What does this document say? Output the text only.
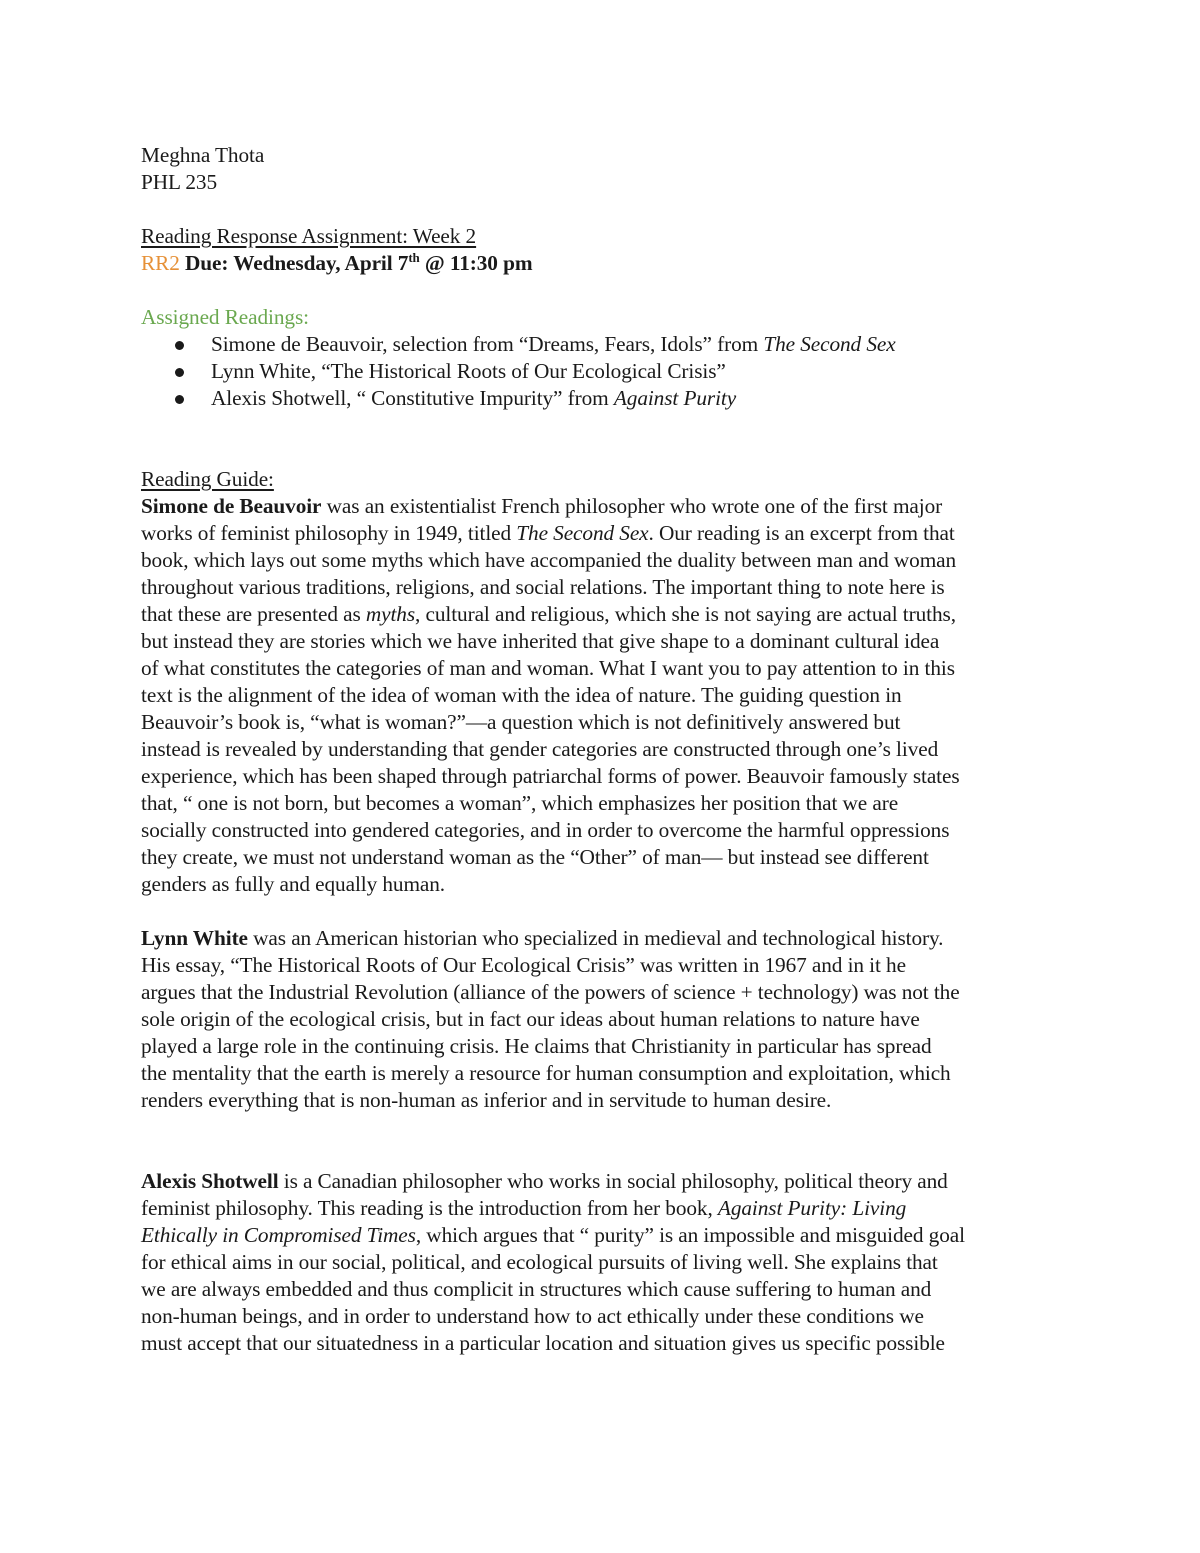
Meghna Thota
PHL 235
Reading Response Assignment: Week 2
RR2 Due: Wednesday, April 7th @ 11:30 pm
Assigned Readings:
Simone de Beauvoir, selection from “Dreams, Fears, Idols” from The Second Sex
Lynn White, “The Historical Roots of Our Ecological Crisis”
Alexis Shotwell, “ Constitutive Impurity” from Against Purity
Reading Guide:
Simone de Beauvoir was an existentialist French philosopher who wrote one of the first major
works of feminist philosophy in 1949, titled The Second Sex. Our reading is an excerpt from that
book, which lays out some myths which have accompanied the duality between man and woman
throughout various traditions, religions, and social relations. The important thing to note here is
that these are presented as myths, cultural and religious, which she is not saying are actual truths,
but instead they are stories which we have inherited that give shape to a dominant cultural idea
of what constitutes the categories of man and woman. What I want you to pay attention to in this
text is the alignment of the idea of woman with the idea of nature. The guiding question in
Beauvoir’s book is, “what is woman?”—a question which is not definitively answered but
instead is revealed by understanding that gender categories are constructed through one’s lived
experience, which has been shaped through patriarchal forms of power. Beauvoir famously states
that, “ one is not born, but becomes a woman”, which emphasizes her position that we are
socially constructed into gendered categories, and in order to overcome the harmful oppressions
they create, we must not understand woman as the “Other” of man— but instead see different
genders as fully and equally human.
Lynn White was an American historian who specialized in medieval and technological history.
His essay, “The Historical Roots of Our Ecological Crisis” was written in 1967 and in it he
argues that the Industrial Revolution (alliance of the powers of science + technology) was not the
sole origin of the ecological crisis, but in fact our ideas about human relations to nature have
played a large role in the continuing crisis. He claims that Christianity in particular has spread
the mentality that the earth is merely a resource for human consumption and exploitation, which
renders everything that is non-human as inferior and in servitude to human desire.
Alexis Shotwell is a Canadian philosopher who works in social philosophy, political theory and
feminist philosophy. This reading is the introduction from her book, Against Purity: Living
Ethically in Compromised Times, which argues that “ purity” is an impossible and misguided goal
for ethical aims in our social, political, and ecological pursuits of living well. She explains that
we are always embedded and thus complicit in structures which cause suffering to human and
non-human beings, and in order to understand how to act ethically under these conditions we
must accept that our situatedness in a particular location and situation gives us specific possible
